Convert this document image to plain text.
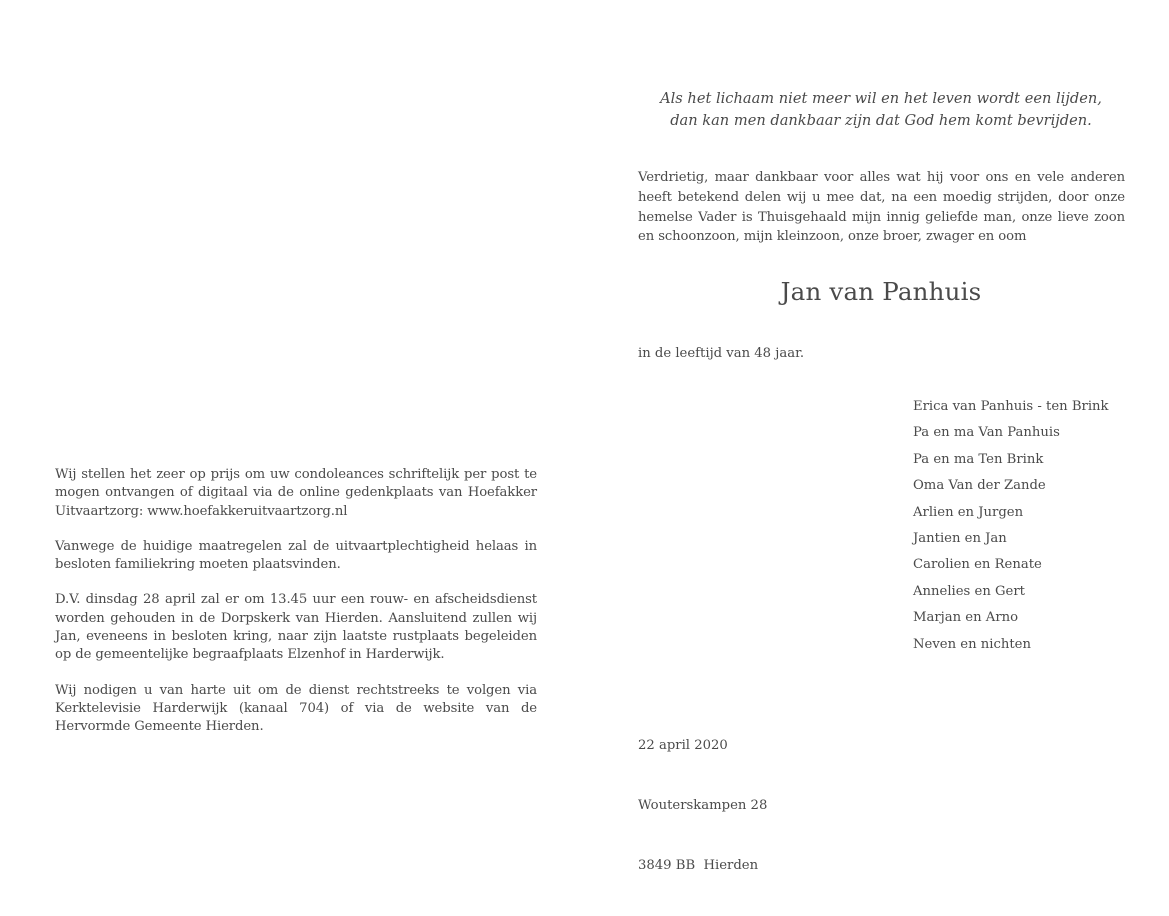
Wij stellen het zeer op prijs om uw condoleances schriftelijk per post te mogen ontvangen of digitaal via de online gedenkplaats van Hoefakker Uitvaartzorg: www.hoefakkeruitvaartzorg.nl

Vanwege de huidige maatregelen zal de uitvaartplechtigheid helaas in besloten familiekring moeten plaatsvinden.

D.V. dinsdag 28 april zal er om 13.45 uur een rouw- en afscheidsdienst worden gehouden in de Dorpskerk van Hierden. Aansluitend zullen wij Jan, eveneens in besloten kring, naar zijn laatste rustplaats begeleiden op de gemeentelijke begraafplaats Elzenhof in Harderwijk.

Wij nodigen u van harte uit om de dienst rechtstreeks te volgen via Kerktelevisie Harderwijk (kanaal 704) of via de website van de Hervormde Gemeente Hierden.

Als het lichaam niet meer wil en het leven wordt een lijden,
dan kan men dankbaar zijn dat God hem komt bevrijden.
Verdrietig, maar dankbaar voor alles wat hij voor ons en vele anderen heeft betekend delen wij u mee dat, na een moedig strijden, door onze hemelse Vader is Thuisgehaald mijn innig geliefde man, onze lieve zoon en schoonzoon, mijn kleinzoon, onze broer, zwager en oom
Jan van Panhuis
in de leeftijd van 48 jaar.
Erica van Panhuis - ten Brink
Pa en ma Van Panhuis
Pa en ma Ten Brink
Oma Van der Zande
Arlien en Jurgen
Jantien en Jan
Carolien en Renate
Annelies en Gert
Marjan en Arno
Neven en nichten

22 april 2020

Wouterskampen 28

3849 BB  Hierden
